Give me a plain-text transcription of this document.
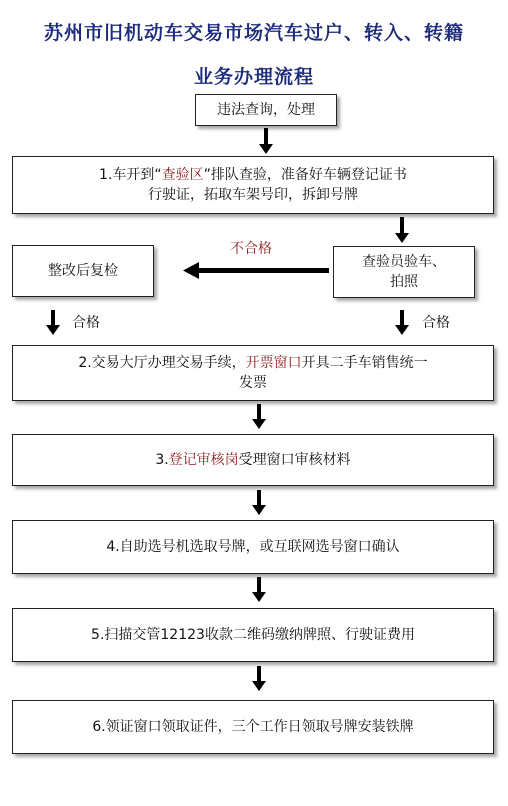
苏州市旧机动车交易市场汽车过户、转入、转籍
业务办理流程
违法查询，处理
1.车开到“查验区”排队查验，准备好车辆登记证书
行驶证，拓取车架号印，拆卸号牌
查验员验车、
拍照
不合格
整改后复检
合格	合格
2.交易大厅办理交易手续，开票窗口开具二手车销售统一
发票
3. 登记审核岗 受理窗口审核材料
4.自助选号机选取号牌，或互联网选号窗口确认
5.扫描交管12123收款二维码缴纳牌照、行驶证费用
6.领证窗口领取证件，三个工作日领取号牌安装铁牌
